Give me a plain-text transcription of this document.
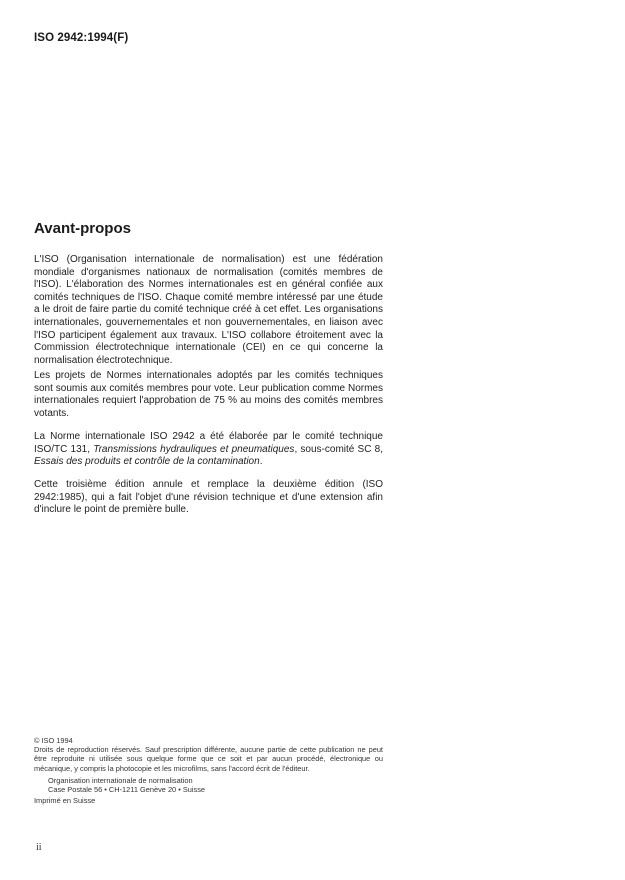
ISO 2942:1994(F)
Avant-propos

L'ISO (Organisation internationale de normalisation) est une fédération mondiale d'organismes nationaux de normalisation (comités membres de l'ISO). L'élaboration des Normes internationales est en général confiée aux comités techniques de l'ISO. Chaque comité membre intéressé par une étude a le droit de faire partie du comité technique créé à cet effet. Les organisations internationales, gouvernementales et non gouvernementales, en liaison avec l'ISO participent également aux travaux. L'ISO collabore étroitement avec la Commission électrotechnique internationale (CEI) en ce qui concerne la normalisation électrotechnique.

Les projets de Normes internationales adoptés par les comités techniques sont soumis aux comités membres pour vote. Leur publication comme Normes internationales requiert l'approbation de 75 % au moins des comités membres votants.

La Norme internationale ISO 2942 a été élaborée par le comité technique ISO/TC 131, Transmissions hydrauliques et pneumatiques, sous-comité SC 8, Essais des produits et contrôle de la contamination.

Cette troisième édition annule et remplace la deuxième édition (ISO 2942:1985), qui a fait l'objet d'une révision technique et d'une extension afin d'inclure le point de première bulle.

© ISO 1994
Droits de reproduction réservés. Sauf prescription différente, aucune partie de cette publication ne peut être reproduite ni utilisée sous quelque forme que ce soit et par aucun procédé, électronique ou mécanique, y compris la photocopie et les microfilms, sans l'accord écrit de l'éditeur.
Organisation internationale de normalisation
Case Postale 56 • CH-1211 Genève 20 • Suisse
Imprimé en Suisse
ii
